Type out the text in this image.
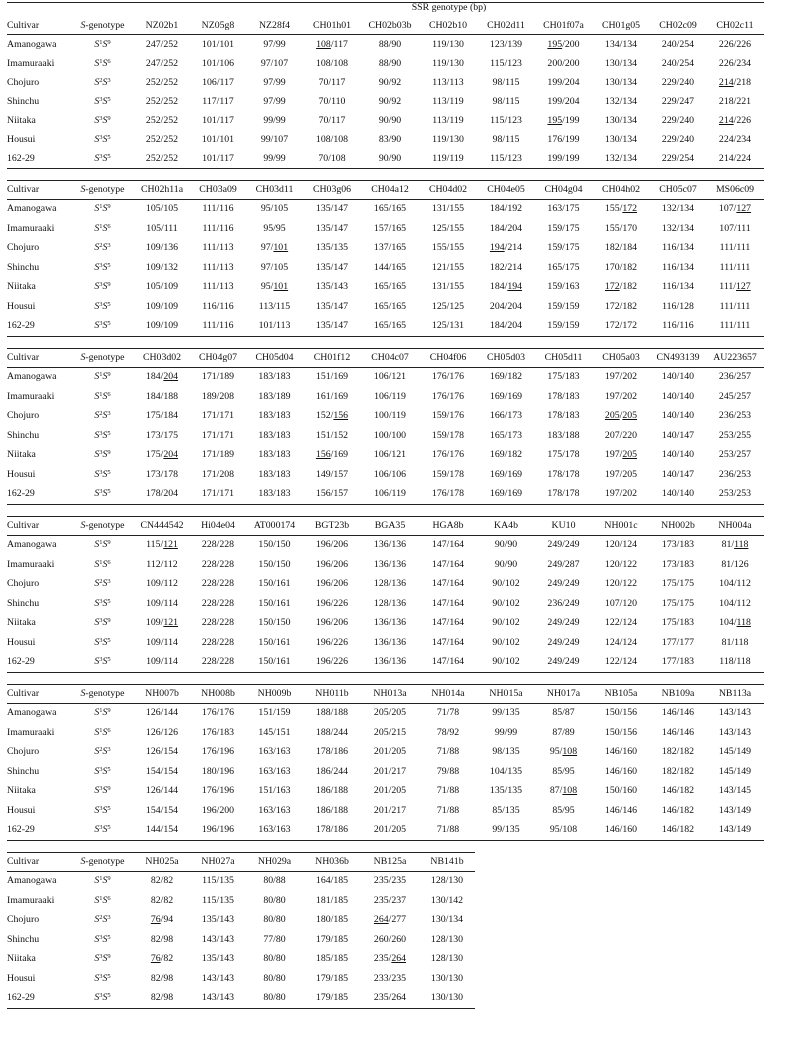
		SSR genotype (bp)											
Cultivar	S-genotype	NZ02b1	NZ05g8	NZ28f4	CH01h01	CH02b03b	CH02b10	CH02d11	CH01f07a	CH01g05	CH02c09	CH02c11	
Amanogawa	$S^1S^9$	247/252	101/101	97/99	108/117	88/90	119/130	123/139	195/200	134/134	240/254	226/226	
Imamuraaki	$S^1S^6$	247/252	101/106	97/107	108/108	88/90	119/130	115/123	200/200	130/134	240/254	226/234	
Chojuro	$S^2S^3$	252/252	106/117	97/99	70/117	90/92	113/113	98/115	199/204	130/134	229/240	214/218	
Shinchu	$S^3S^5$	252/252	117/117	97/99	70/110	90/92	113/119	98/115	199/204	132/134	229/247	218/221	
Niitaka	$S^3S^9$	252/252	101/117	99/99	70/117	90/90	113/119	115/123	195/199	130/134	229/240	214/226	
Housui	$S^3S^5$	252/252	101/101	99/107	108/108	83/90	119/130	98/115	176/199	130/134	229/240	224/234	
162-29	$S^3S^5$	252/252	101/117	99/99	70/108	90/90	119/119	115/123	199/199	132/134	229/254	214/224	
Cultivar	S-genotype	CH02h11a	CH03a09	CH03d11	CH03g06	CH04a12	CH04d02	CH04e05	CH04g04	CH04h02	CH05c07	MS06c09	
Amanogawa	$S^1S^9$	105/105	111/116	95/105	135/147	165/165	131/155	184/192	163/175	155/172	132/134	107/127	
Imamuraaki	$S^1S^6$	105/111	111/116	95/95	135/147	157/165	125/155	184/204	159/175	155/170	132/134	107/111	
Chojuro	$S^2S^3$	109/136	111/113	97/101	135/135	137/165	155/155	194/214	159/175	182/184	116/134	111/111	
Shinchu	$S^3S^5$	109/132	111/113	97/105	135/147	144/165	121/155	182/214	165/175	170/182	116/134	111/111	
Niitaka	$S^3S^9$	105/109	111/113	95/101	135/143	165/165	131/155	184/194	159/163	172/182	116/134	111/127	
Housui	$S^3S^5$	109/109	116/116	113/115	135/147	165/165	125/125	204/204	159/159	172/182	116/128	111/111	
162-29	$S^3S^5$	109/109	111/116	101/113	135/147	165/165	125/131	184/204	159/159	172/172	116/116	111/111	
Cultivar	S-genotype	CH03d02	CH04g07	CH05d04	CH01f12	CH04c07	CH04f06	CH05d03	CH05d11	CH05a03	CN493139	AU223657	
Amanogawa	$S^1S^9$	184/204	171/189	183/183	151/169	106/121	176/176	169/182	175/183	197/202	140/140	236/257	
Imamuraaki	$S^1S^6$	184/188	189/208	183/189	161/169	106/119	176/176	169/169	178/183	197/202	140/140	245/257	
Chojuro	$S^2S^3$	175/184	171/171	183/183	152/156	100/119	159/176	166/173	178/183	205/205	140/140	236/253	
Shinchu	$S^3S^5$	173/175	171/171	183/183	151/152	100/100	159/178	165/173	183/188	207/220	140/147	253/255	
Niitaka	$S^3S^9$	175/204	171/189	183/183	156/169	106/121	176/176	169/182	175/178	197/205	140/140	253/257	
Housui	$S^3S^5$	173/178	171/208	183/183	149/157	106/106	159/178	169/169	178/178	197/205	140/147	236/253	
162-29	$S^3S^5$	178/204	171/171	183/183	156/157	106/119	176/178	169/169	178/178	197/202	140/140	253/253	
Cultivar	S-genotype	CN444542	Hi04e04	AT000174	BGT23b	BGA35	HGA8b	KA4b	KU10	NH001c	NH002b	NH004a	
Amanogawa	$S^1S^9$	115/121	228/228	150/150	196/206	136/136	147/164	90/90	249/249	120/124	173/183	81/118	
Imamuraaki	$S^1S^6$	112/112	228/228	150/150	196/206	136/136	147/164	90/90	249/287	120/122	173/183	81/126	
Chojuro	$S^2S^3$	109/112	228/228	150/161	196/206	128/136	147/164	90/102	249/249	120/122	175/175	104/112	
Shinchu	$S^3S^5$	109/114	228/228	150/161	196/226	128/136	147/164	90/102	236/249	107/120	175/175	104/112	
Niitaka	$S^3S^9$	109/121	228/228	150/150	196/206	136/136	147/164	90/102	249/249	122/124	175/183	104/118	
Housui	$S^3S^5$	109/114	228/228	150/161	196/226	136/136	147/164	90/102	249/249	124/124	177/177	81/118	
162-29	$S^3S^5$	109/114	228/228	150/161	196/226	136/136	147/164	90/102	249/249	122/124	177/183	118/118	
Cultivar	S-genotype	NH007b	NH008b	NH009b	NH011b	NH013a	NH014a	NH015a	NH017a	NB105a	NB109a	NB113a	
Amanogawa	$S^1S^9$	126/144	176/176	151/159	188/188	205/205	71/78	99/135	85/87	150/156	146/146	143/143	
Imamuraaki	$S^1S^6$	126/126	176/183	145/151	188/244	205/215	78/92	99/99	87/89	150/156	146/146	143/143	
Chojuro	$S^2S^3$	126/154	176/196	163/163	178/186	201/205	71/88	98/135	95/108	146/160	182/182	145/149	
Shinchu	$S^3S^5$	154/154	180/196	163/163	186/244	201/217	79/88	104/135	85/95	146/160	182/182	145/149	
Niitaka	$S^3S^9$	126/144	176/196	151/163	186/188	201/205	71/88	135/135	87/108	150/160	146/182	143/145	
Housui	$S^3S^5$	154/154	196/200	163/163	186/188	201/217	71/88	85/135	85/95	146/146	146/182	143/149	
162-29	$S^3S^5$	144/154	196/196	163/163	178/186	201/205	71/88	99/135	95/108	146/160	146/182	143/149	
Cultivar	S-genotype	NH025a	NH027a	NH029a	NH036b	NB125a	NB141b	
Amanogawa	$S^1S^9$	82/82	115/135	80/88	164/185	235/235	128/130	
Imamuraaki	$S^1S^6$	82/82	115/135	80/80	181/185	235/237	130/142	
Chojuro	$S^2S^3$	76/94	135/143	80/80	180/185	264/277	130/134	
Shinchu	$S^3S^5$	82/98	143/143	77/80	179/185	260/260	128/130	
Niitaka	$S^3S^9$	76/82	135/143	80/80	185/185	235/264	128/130	
Housui	$S^3S^5$	82/98	143/143	80/80	179/185	233/235	130/130	
162-29	$S^3S^5$	82/98	143/143	80/80	179/185	235/264	130/130	
